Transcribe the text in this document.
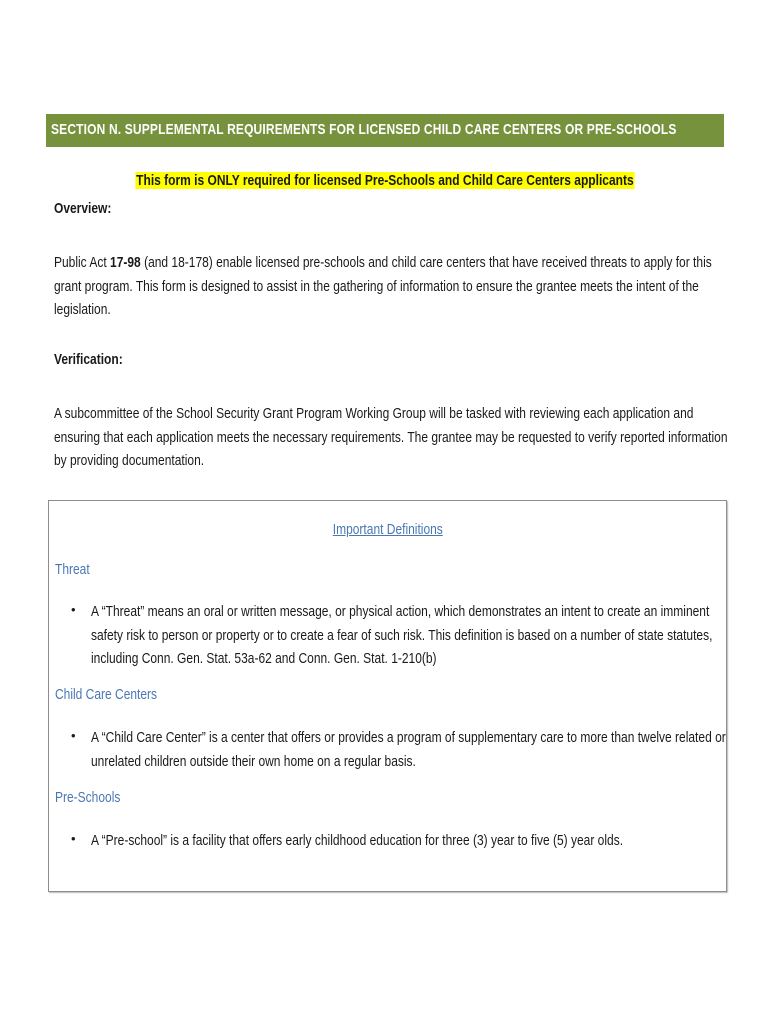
SECTION N. SUPPLEMENTAL REQUIREMENTS FOR LICENSED CHILD CARE CENTERS OR PRE-SCHOOLS
This form is ONLY required for licensed Pre-Schools and Child Care Centers applicants
Overview:
Public Act 17-98 (and 18-178) enable licensed pre-schools and child care centers that have received threats to apply for this
grant program. This form is designed to assist in the gathering of information to ensure the grantee meets the intent of the
legislation.
Verification:
A subcommittee of the School Security Grant Program Working Group will be tasked with reviewing each application and
ensuring that each application meets the necessary requirements. The grantee may be requested to verify reported information
by providing documentation.
Important Definitions
Threat
• A “Threat” means an oral or written message, or physical action, which demonstrates an intent to create an imminent
safety risk to person or property or to create a fear of such risk. This definition is based on a number of state statutes,
including Conn. Gen. Stat. 53a-62 and Conn. Gen. Stat. 1-210(b)
Child Care Centers
• A “Child Care Center” is a center that offers or provides a program of supplementary care to more than twelve related or
unrelated children outside their own home on a regular basis.
Pre-Schools
• A “Pre-school” is a facility that offers early childhood education for three (3) year to five (5) year olds.
